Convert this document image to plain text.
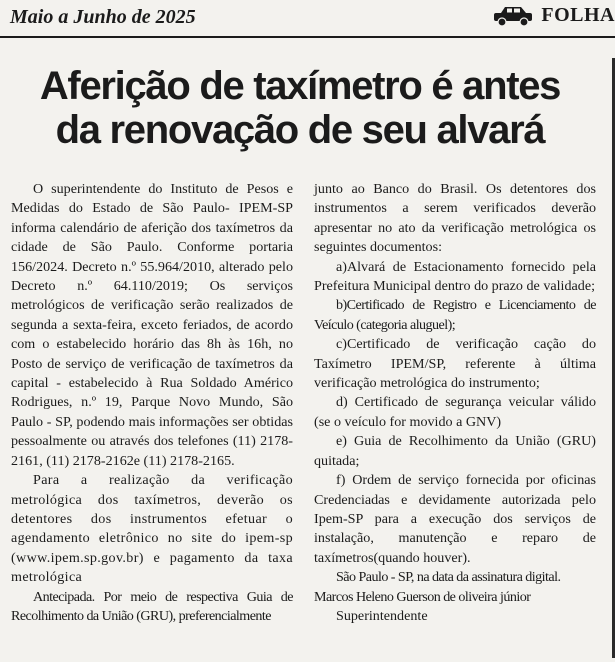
Maio a Junho de 2025	FOLHA
Aferição de taxímetro é antes
da renovação de seu alvará

O superintendente do Instituto de Pesos e Medidas do Estado de São Paulo- IPEM-SP informa calendário de aferição dos taxímetros da cidade de São Paulo. Conforme portaria 156/2024. Decreto n.º 55.964/2010, alterado pelo Decreto n.º 64.110/2019; Os serviços metrológicos de verificação serão realizados de segunda a sexta-feira, exceto feriados, de acordo com o estabelecido horário das 8h às 16h, no Posto de serviço de verificação de taxímetros da capital - estabelecido à Rua Soldado Américo Rodrigues, n.º 19, Parque Novo Mundo, São Paulo - SP, podendo mais informações ser obtidas pessoalmente ou através dos telefones (11) 2178-2161, (11) 2178-2162e (11) 2178-2165.

Para a realização da verificação metrológica dos taxímetros, deverão os detentores dos instrumentos efetuar o agendamento eletrônico no site do ipem-sp (www.ipem.sp.gov.br) e pagamento da taxa metrológica

Antecipada. Por meio de respectiva Guia de Recolhimento da União (GRU), preferencialmente

junto ao Banco do Brasil. Os detentores dos instrumentos a serem verificados deverão apresentar no ato da verificação metrológica os seguintes documentos:

a)Alvará de Estacionamento fornecido pela Prefeitura Municipal dentro do prazo de validade;

b)Certificado de Registro e Licenciamento de Veículo (categoria aluguel);

c)Certificado de verificação cação do Taxímetro IPEM/SP, referente à última verificação metrológica do instrumento;

d) Certificado de segurança veicular válido (se o veículo for movido a GNV)

e) Guia de Recolhimento da União (GRU) quitada;

f) Ordem de serviço fornecida por oficinas Credenciadas e devidamente autorizada pelo Ipem-SP para a execução dos serviços de instalação, manutenção e reparo de taxímetros(quando houver).

São Paulo - SP, na data da assinatura digital.

Marcos Heleno Guerson de oliveira júnior

Superintendente
